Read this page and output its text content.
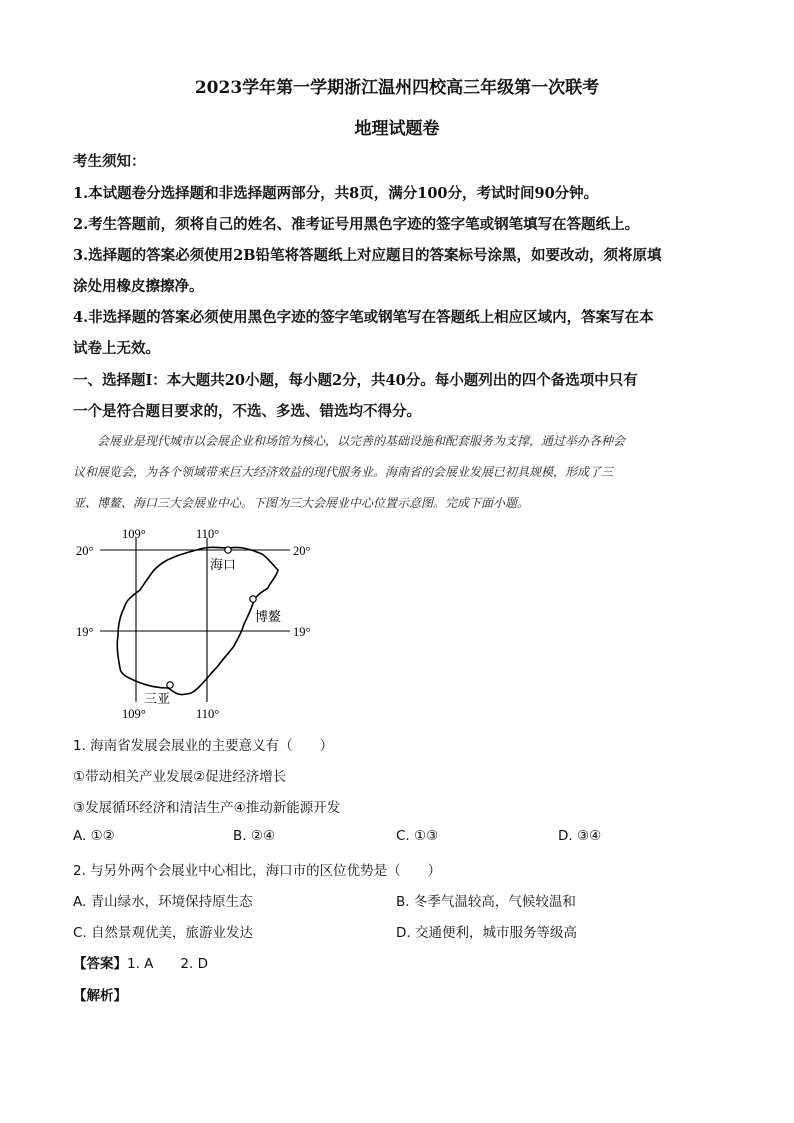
2023学年第一学期浙江温州四校高三年级第一次联考
地理试题卷
考生须知：
1.本试题卷分选择题和非选择题两部分，共8页，满分100分，考试时间90分钟。
2.考生答题前，须将自己的姓名、准考证号用黑色字迹的签字笔或钢笔填写在答题纸上。
3.选择题的答案必须使用2B铅笔将答题纸上对应题目的答案标号涂黑，如要改动，须将原填
涂处用橡皮擦擦净。
4.非选择题的答案必须使用黑色字迹的签字笔或钢笔写在答题纸上相应区域内，答案写在本
试卷上无效。
一、选择题Ⅰ：本大题共20小题，每小题2分，共40分。每小题列出的四个备选项中只有
一个是符合题目要求的，不选、多选、错选均不得分。
会展业是现代城市以会展企业和场馆为核心，以完善的基础设施和配套服务为支撑，通过举办各种会
议和展览会，为各个领域带来巨大经济效益的现代服务业。海南省的会展业发展已初具规模，形成了三
亚、博鳌、海口三大会展业中心。下图为三大会展业中心位置示意图。完成下面小题。
109°	110°
109°	110°
20°	20°
19°	19°
海口
博鳌
三亚
1. 海南省发展会展业的主要意义有（　　）
①带动相关产业发展②促进经济增长
③发展循环经济和清洁生产④推动新能源开发
A. ①②	B. ②④	C. ①③	D. ③④
2. 与另外两个会展业中心相比，海口市的区位优势是（　　）
A. 青山绿水，环境保持原生态	B. 冬季气温较高，气候较温和
C. 自然景观优美，旅游业发达	D. 交通便利，城市服务等级高
【答案】1. A　　2. D
【解析】
